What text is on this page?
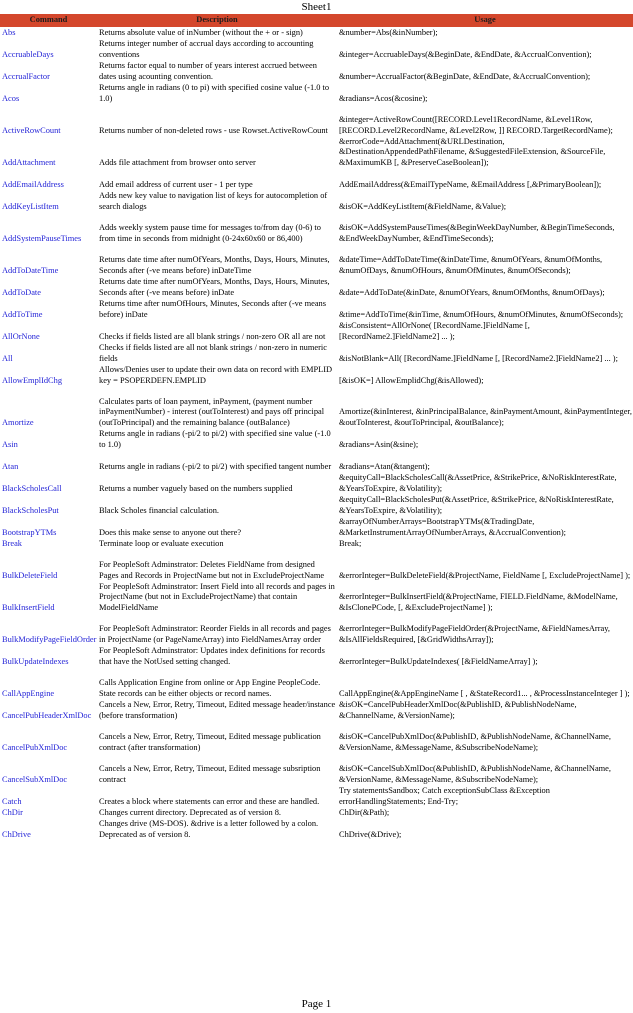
Sheet1
Command	Description	Usage
Abs	Returns absolute value of inNumber (without the + or - sign)	&number=Abs(&inNumber);
AccruableDays	Returns integer number of accrual days according to accounting conventions	&integer=AccruableDays(&BeginDate, &EndDate, &AccrualConvention);
AccrualFactor	Returns factor equal to number of years interest accrued between dates using acounting convention.	&number=AccrualFactor(&BeginDate, &EndDate, &AccrualConvention);
Acos	Returns angle in radians (0 to pi) with specified cosine value (-1.0 to 1.0)	&radians=Acos(&cosine);
ActiveRowCount	Returns number of non-deleted rows - use Rowset.ActiveRowCount	&integer=ActiveRowCount([RECORD.Level1RecordName, &Level1Row, [RECORD.Level2RecordName, &Level2Row, ]] RECORD.TargetRecordName);
AddAttachment	Adds file attachment from browser onto server	&errorCode=AddAttachment(&URLDestination, &DestinationAppendedPathFilename, &SuggestedFileExtension, &SourceFile, &MaximumKB [, &PreserveCaseBoolean]);
AddEmailAddress	Add email address of current user - 1 per type	AddEmailAddress(&EmailTypeName, &EmailAddress [,&PrimaryBoolean]);
AddKeyListItem	Adds new key value to navigation list of keys for autocompletion of search dialogs	&isOK=AddKeyListItem(&FieldName, &Value);
AddSystemPauseTimes	Adds weekly system pause time for messages to/from day (0-6) to from time in seconds from midnight (0-24x60x60 or 86,400)	&isOK=AddSystemPauseTimes(&BeginWeekDayNumber, &BeginTimeSeconds, &EndWeekDayNumber, &EndTimeSeconds);
AddToDateTime	Returns date time after numOfYears, Months, Days, Hours, Minutes, Seconds after (-ve means before) inDateTime	&dateTime=AddToDateTime(&inDateTime, &numOfYears, &numOfMonths, &numOfDays, &numOfHours, &numOfMinutes, &numOfSeconds);
AddToDate	Returns date time after numOfYears, Months, Days, Hours, Minutes, Seconds after (-ve means before) inDate	&date=AddToDate(&inDate, &numOfYears, &numOfMonths, &numOfDays);
AddToTime	Returns time after numOfHours, Minutes, Seconds after (-ve means before) inDate	&time=AddToTime(&inTime, &numOfHours, &numOfMinutes, &numOfSeconds);
AllOrNone	Checks if fields listed are all blank strings / non-zero OR all are not	&isConsistent=AllOrNone( [RecordName.]FieldName [, [RecordName2.]FieldName2] ... );
All	Checks if fields listed are all not blank strings / non-zero in numeric fields	&isNotBlank=All( [RecordName.]FieldName [, [RecordName2.]FieldName2] ... );
AllowEmplIdChg	Allows/Denies user to update their own data on record with EMPLID key = PSOPERDEFN.EMPLID	[&isOK=] AllowEmplidChg(&isAllowed);
Amortize	Calculates parts of loan payment, inPayment, (payment number inPaymentNumber) - interest (outToInterest) and pays off principal (outToPrincipal) and the remaining balance (outBalance)	Amortize(&inInterest, &inPrincipalBalance, &inPaymentAmount, &inPaymentInteger, &outToInterest, &outToPrincipal, &outBalance);
Asin	Returns angle in radians (-pi/2 to pi/2) with specified sine value (-1.0 to 1.0)	&radians=Asin(&sine);
Atan	Returns angle in radians (-pi/2 to pi/2) with specified tangent number	&radians=Atan(&tangent);
BlackScholesCall	Returns a number vaguely based on the numbers supplied	&equityCall=BlackScholesCall(&AssetPrice, &StrikePrice, &NoRiskInterestRate, &YearsToExpire, &Volatility);
BlackScholesPut	Black Scholes financial calculation.	&equityCall=BlackScholesPut(&AssetPrice, &StrikePrice, &NoRiskInterestRate, &YearsToExpire, &Volatility);
BootstrapYTMs	Does this make sense to anyone out there?	&arrayOfNumberArrays=BootstrapYTMs(&TradingDate, &MarketInstrumentArrayOfNumberArrays, &AccrualConvention);
Break	Terminate loop or evaluate execution	Break;
BulkDeleteField	For PeopleSoft Adminstrator: Deletes FieldName from designed Pages and Records in ProjectName but not in ExcludeProjectName	&errorInteger=BulkDeleteField(&ProjectName, FieldName [, ExcludeProjectName] );
BulkInsertField	For PeopleSoft Adminstrator: Insert Field into all records and pages in ProjectName (but not in ExcludeProjectName) that contain ModelFieldName	&errorInteger=BulkInsertField(&ProjectName, FIELD.FieldName, &ModelName, &IsClonePCode, [, &ExcludeProjectName] );
BulkModifyPageFieldOrder	For PeopleSoft Adminstrator: Reorder Fields in all records and pages in ProjectName (or PageNameArray) into FieldNamesArray order	&errorInteger=BulkModifyPageFieldOrder(&ProjectName, &FieldNamesArray, &IsAllFieldsRequired, [&GridWidthsArray]);
BulkUpdateIndexes	For PeopleSoft Adminstrator: Updates index definitions for records that have the NotUsed setting changed.	&errorInteger=BulkUpdateIndexes( [&FieldNameArray] );
CallAppEngine	Calls Application Engine from online or App Engine PeopleCode. State records can be either objects or record names.	CallAppEngine(&AppEngineName [ , &StateRecord1... , &ProcessInstanceInteger ] );
CancelPubHeaderXmlDoc	Cancels a New, Error, Retry, Timeout, Edited message header/instance (before transformation)	&isOK=CancelPubHeaderXmlDoc(&PublishID, &PublishNodeName, &ChannelName, &VersionName);
CancelPubXmlDoc	Cancels a New, Error, Retry, Timeout, Edited message publication contract (after transformation)	&isOK=CancelPubXmlDoc(&PublishID, &PublishNodeName, &ChannelName, &VersionName, &MessageName, &SubscribeNodeName);
CancelSubXmlDoc	Cancels a New, Error, Retry, Timeout, Edited message subsription contract	&isOK=CancelSubXmlDoc(&PublishID, &PublishNodeName, &ChannelName, &VersionName, &MessageName, &SubscribeNodeName);
Catch	Creates a block where statements can error and these are handled.	Try statementsSandbox; Catch exceptionSubClass &Exception errorHandlingStatements; End-Try;
ChDir	Changes current directory. Deprecated as of version 8.	ChDir(&Path);
ChDrive	Changes drive (MS-DOS). &drive is a letter followed by a colon. Deprecated as of version 8.	ChDrive(&Drive);
Page 1
